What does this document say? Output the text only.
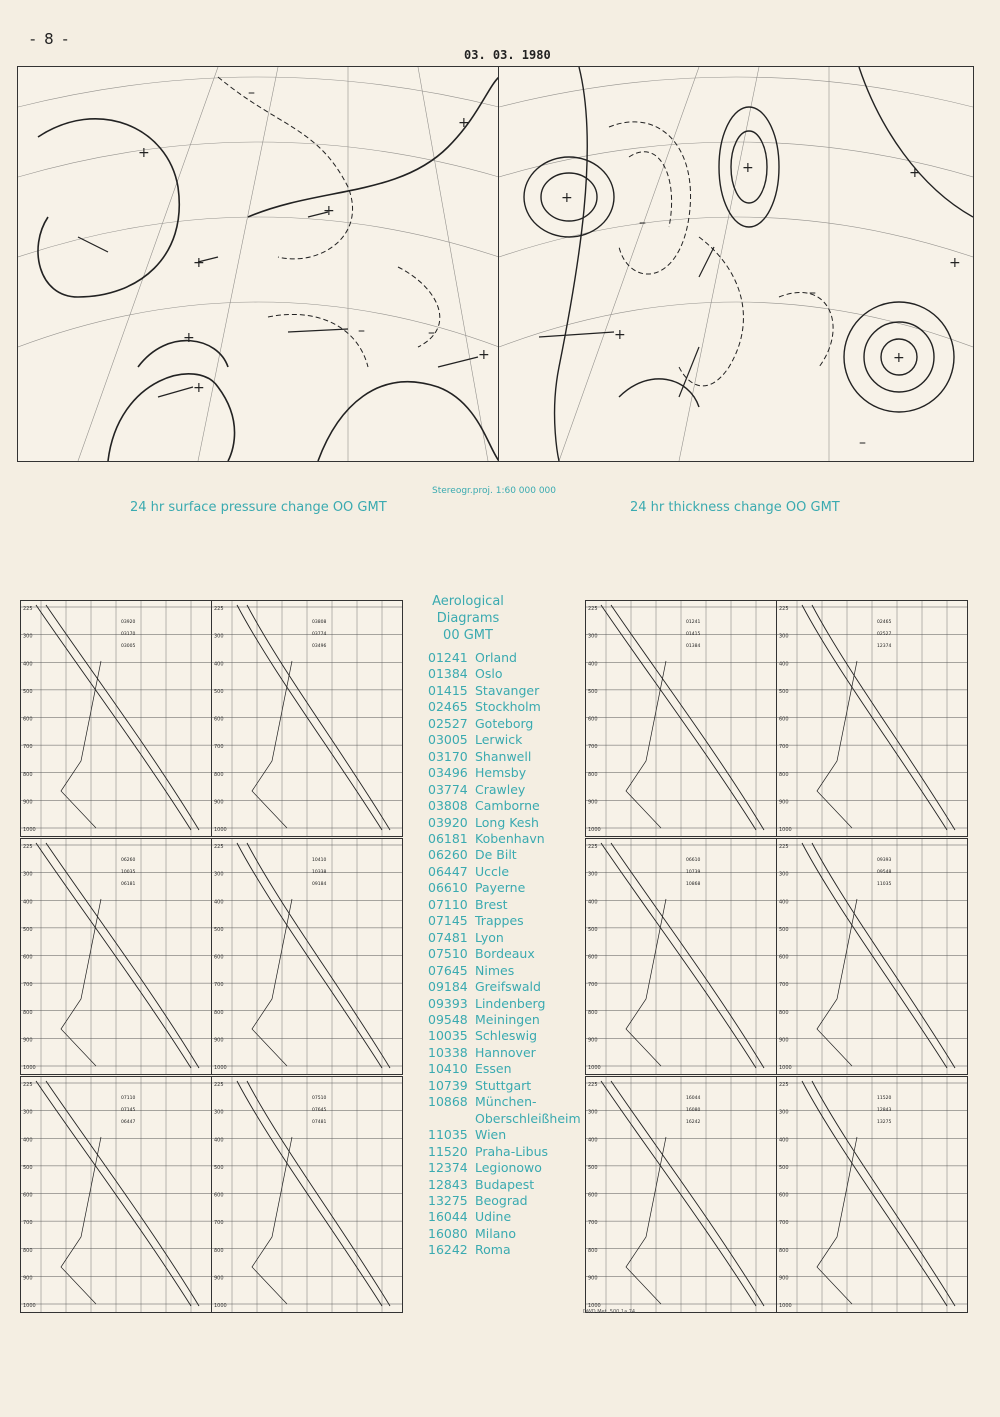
- 8 -
03. 03. 1980
+
+
+
+
+
+
+
–
–
–
+
+
+
+
+
+
–
–
–
Stereogr.proj. 1:60 000 000
24 hr surface pressure change OO GMT	24 hr thickness change OO GMT
225
300
400
500
600
700
800
900
1000
03920
03170
03005
225
300
400
500
600
700
800
900
1000
03808
03774
03496
225
300
400
500
600
700
800
900
1000
06260
10035
06181
225
300
400
500
600
700
800
900
1000
10410
10338
09184
225
300
400
500
600
700
800
900
1000
07110
07145
06447
225
300
400
500
600
700
800
900
1000
07510
07645
07481
225
300
400
500
600
700
800
900
1000
01241
01415
01384
225
300
400
500
600
700
800
900
1000
02465
02527
12374
225
300
400
500
600
700
800
900
1000
06610
10739
10868
225
300
400
500
600
700
800
900
1000
09393
09548
11035
225
300
400
500
600
700
800
900
1000
16044
16080
16242
225
300
400
500
600
700
800
900
1000
11520
12843
13275
Aerological
Diagrams
00 GMT
01241 Orland
01384 Oslo
01415 Stavanger
02465 Stockholm
02527 Goteborg
03005 Lerwick
03170 Shanwell
03496 Hemsby
03774 Crawley
03808 Camborne
03920 Long Kesh
06181 Kobenhavn
06260 De Bilt
06447 Uccle
06610 Payerne
07110 Brest
07145 Trappes
07481 Lyon
07510 Bordeaux
07645 Nimes
09184 Greifswald
09393 Lindenberg
09548 Meiningen
10035 Schleswig
10338 Hannover
10410 Essen
10739 Stuttgart
10868 München-
Oberschleißheim
11035 Wien
11520 Praha-Libus
12374 Legionowo
12843 Budapest
13275 Beograd
16044 Udine
16080 Milano
16242 Roma
DWD Met. 500 1a.74
